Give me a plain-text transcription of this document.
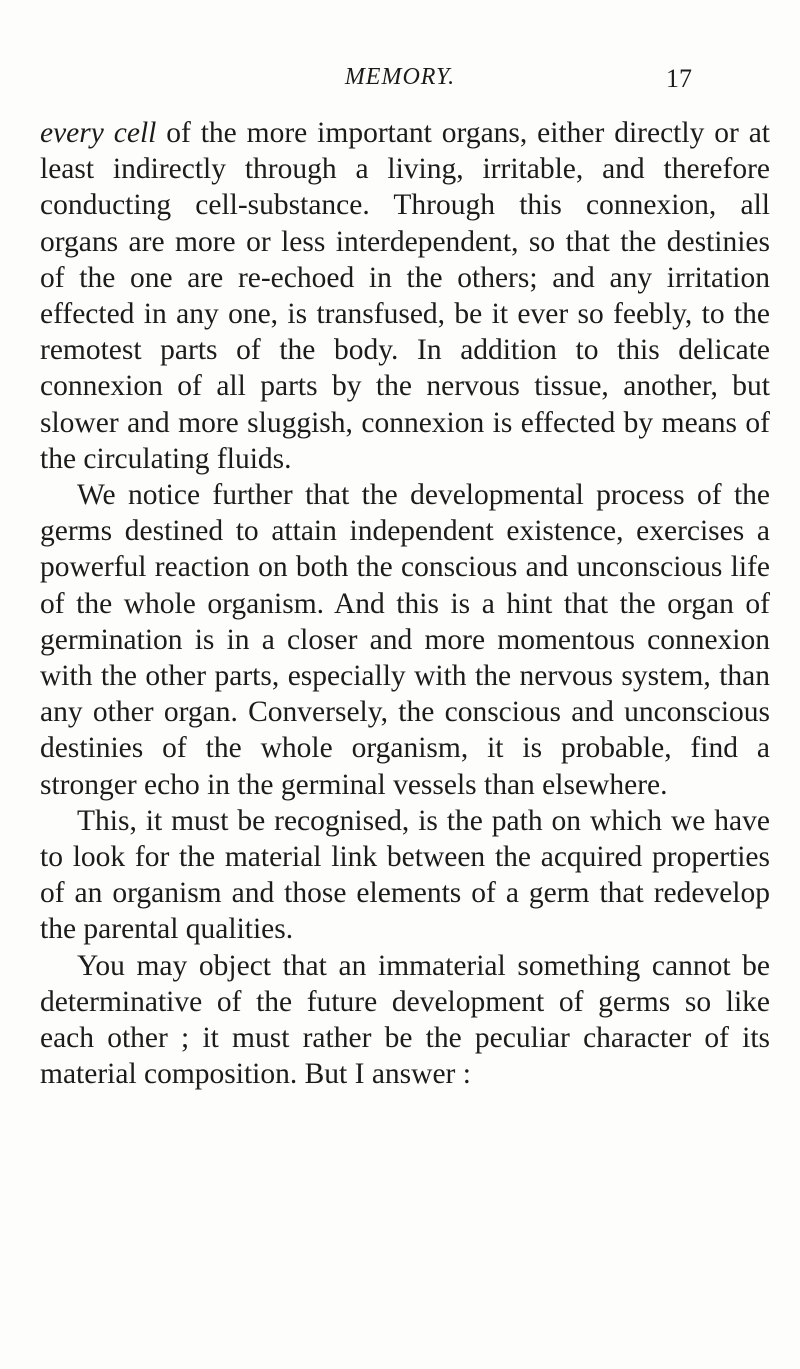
MEMORY.	17

every cell of the more important organs, either directly or at least indirectly through a living, irritable, and therefore conducting cell-substance. Through this connexion, all organs are more or less interdependent, so that the destinies of the one are re-echoed in the others; and any irritation effected in any one, is transfused, be it ever so feebly, to the remotest parts of the body. In addition to this delicate connexion of all parts by the nervous tissue, another, but slower and more sluggish, connexion is effected by means of the circulating fluids.

We notice further that the developmental process of the germs destined to attain independent existence, exercises a powerful reaction on both the conscious and unconscious life of the whole organism. And this is a hint that the organ of germination is in a closer and more momentous connexion with the other parts, especially with the nervous system, than any other organ. Conversely, the conscious and unconscious destinies of the whole organism, it is probable, find a stronger echo in the germinal vessels than elsewhere.

This, it must be recognised, is the path on which we have to look for the material link between the acquired properties of an organism and those elements of a germ that redevelop the parental qualities.

You may object that an immaterial something cannot be determinative of the future development of germs so like each other ; it must rather be the peculiar character of its material composition. But I answer :
